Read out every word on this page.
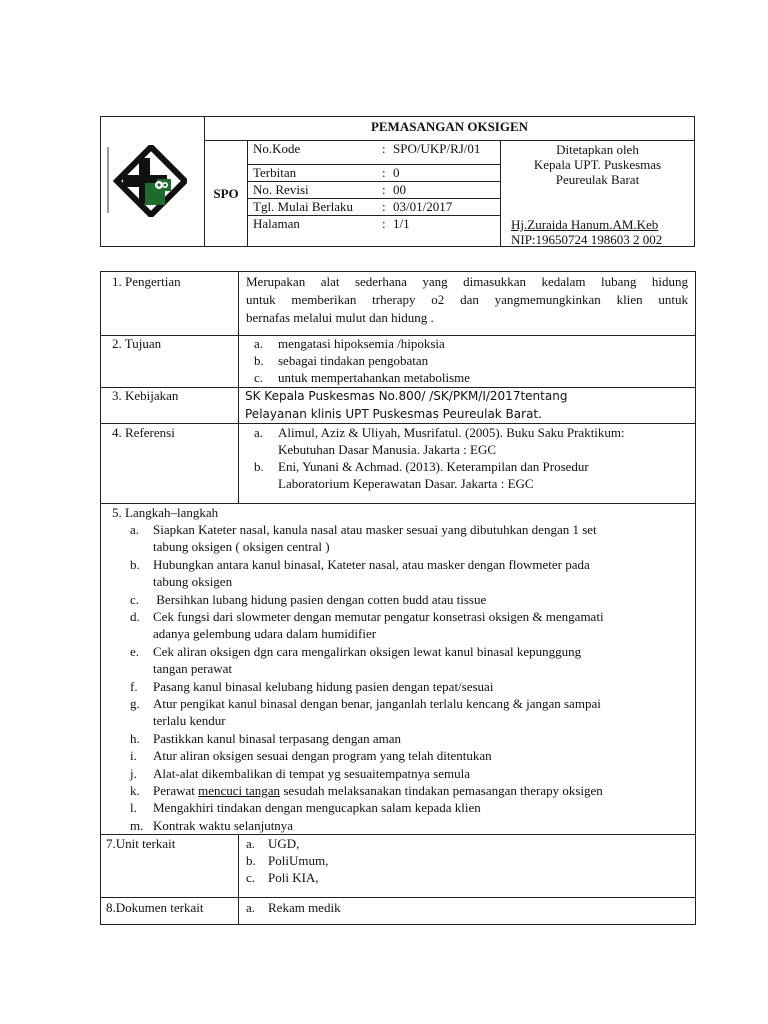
PEMASANGAN OKSIGEN
SPO
No.Kode	: SPO/UKP/RJ/01
Terbitan	: 0
No. Revisi	: 00
Tgl. Mulai Berlaku : 03/01/2017
Halaman	: 1/1
Ditetapkan oleh
Kepala UPT. Puskesmas
Peureulak Barat
Hj.Zuraida Hanum.AM.Keb
NIP:19650724 198603 2 002
1. Pengertian	Merupakan alat sederhana yang dimasukkan kedalam lubang hidung
untuk memberikan trherapy o2 dan yangmemungkinkan klien untuk
bernafas melalui mulut dan hidung .
2. Tujuan	a. mengatasi hipoksemia /hipoksia
b. sebagai tindakan pengobatan
c. untuk mempertahankan metabolisme
3. Kebijakan	SK Kepala Puskesmas No.800/ /SK/PKM/I/2017tentang
Pelayanan klinis UPT Puskesmas Peureulak Barat.
4. Referensi	a. Alimul, Aziz & Uliyah, Musrifatul. (2005). Buku Saku Praktikum:
Kebutuhan Dasar Manusia. Jakarta : EGC
b. Eni, Yunani & Achmad. (2013). Keterampilan dan Prosedur
Laboratorium Keperawatan Dasar. Jakarta : EGC
5. Langkah–langkah
a. Siapkan Kateter nasal, kanula nasal atau masker sesuai yang dibutuhkan dengan 1 set
tabung oksigen ( oksigen central )
b. Hubungkan antara kanul binasal, Kateter nasal, atau masker dengan flowmeter pada
tabung oksigen
c. Bersihkan lubang hidung pasien dengan cotten budd atau tissue
d. Cek fungsi dari slowmeter dengan memutar pengatur konsetrasi oksigen & mengamati
adanya gelembung udara dalam humidifier
e. Cek aliran oksigen dgn cara mengalirkan oksigen lewat kanul binasal kepunggung
tangan perawat
f. Pasang kanul binasal kelubang hidung pasien dengan tepat/sesuai
g. Atur pengikat kanul binasal dengan benar, janganlah terlalu kencang & jangan sampai
terlalu kendur
h. Pastikkan kanul binasal terpasang dengan aman
i. Atur aliran oksigen sesuai dengan program yang telah ditentukan
j. Alat-alat dikembalikan di tempat yg sesuaitempatnya semula
k. Perawat mencuci tangan sesudah melaksanakan tindakan pemasangan therapy oksigen
l. Mengakhiri tindakan dengan mengucapkan salam kepada klien
m. Kontrak waktu selanjutnya
7.Unit terkait	a. UGD,
b. PoliUmum,
c. Poli KIA,
8.Dokumen terkait	a. Rekam medik
